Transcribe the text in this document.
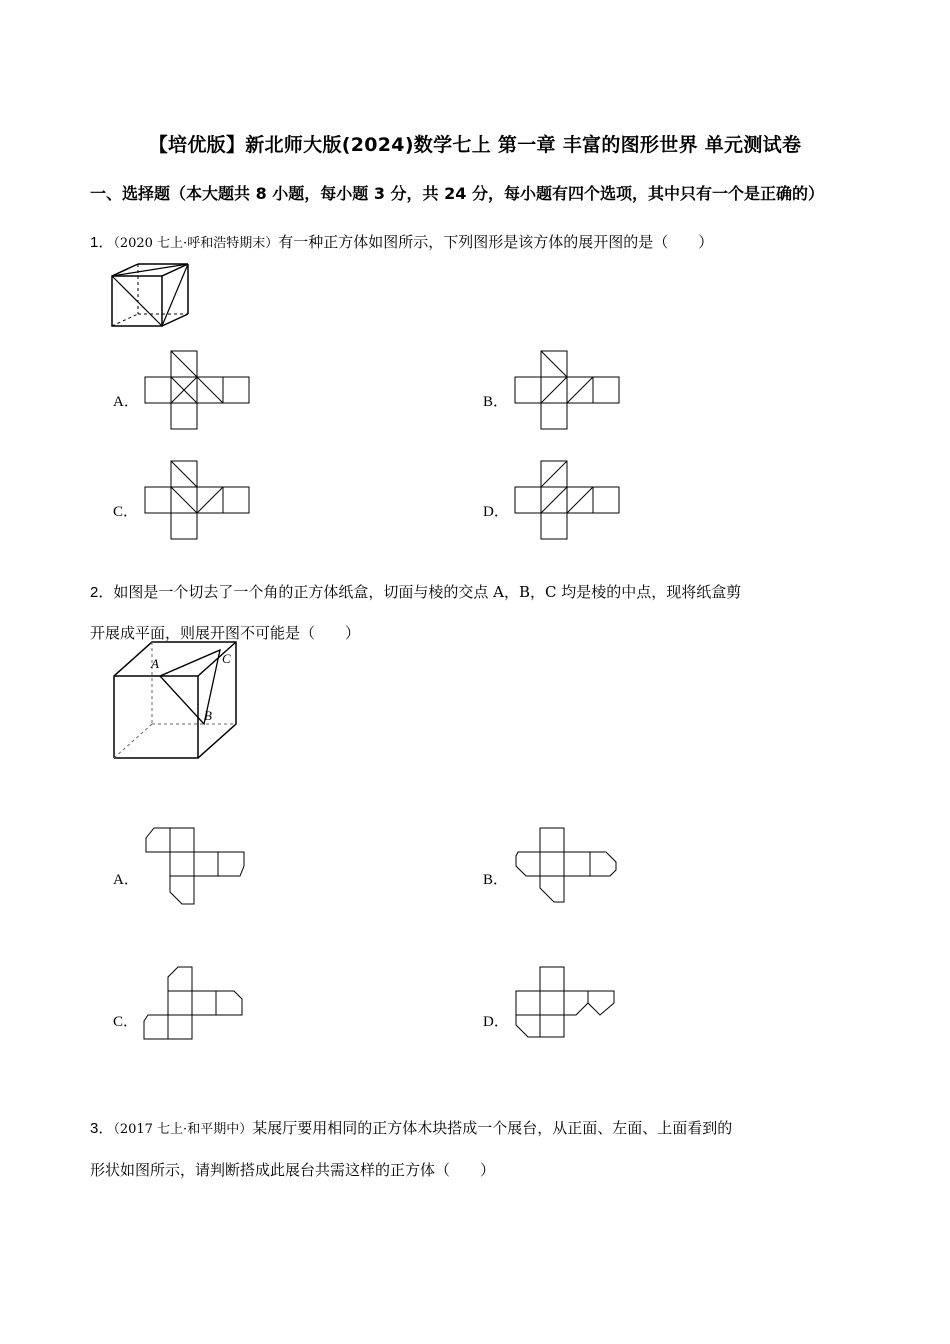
【培优版】新北师大版(2024)数学七上 第一章 丰富的图形世界 单元测试卷
一、选择题（本大题共 8 小题，每小题 3 分，共 24 分，每小题有四个选项，其中只有一个是正确的）
1．（2020 七上·呼和浩特期末）有一种正方体如图所示，下列图形是该方体的展开图的是（　　）
A．	B．
C．	D．
2．如图是一个切去了一个角的正方体纸盒，切面与棱的交点 A，B，C 均是棱的中点，现将纸盒剪
开展成平面，则展开图不可能是（　　）
A
B
C
A．	B．
C．	D．
3．（2017 七上·和平期中）某展厅要用相同的正方体木块搭成一个展台，从正面、左面、上面看到的
形状如图所示，请判断搭成此展台共需这样的正方体（　　）
